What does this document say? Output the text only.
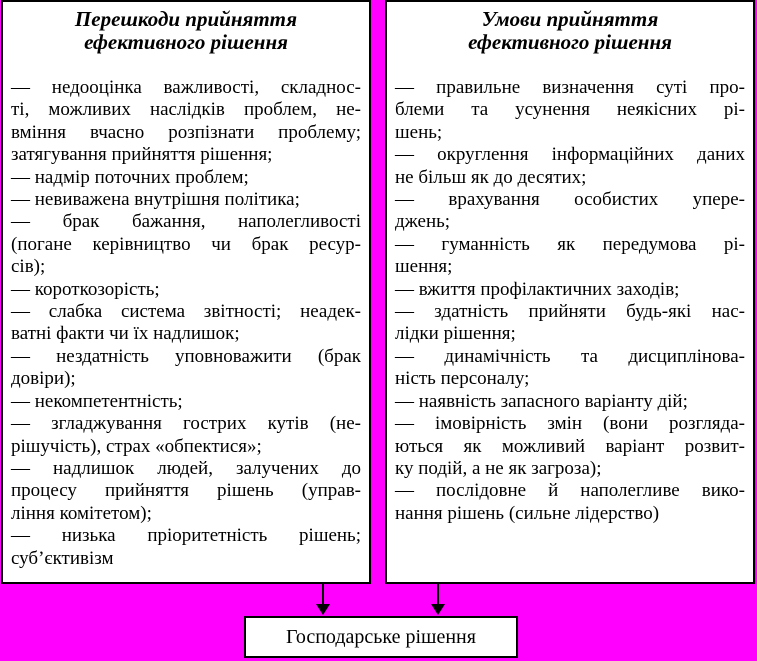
Перешкоди прийняття
ефективного рішення
— недооцінка важливості, складнос-
ті, можливих наслідків проблем, не-
вміння вчасно розпізнати проблему;
затягування прийняття рішення;
— надмір поточних проблем;
— невиважена внутрішня політика;
— брак бажання, наполегливості
(погане керівництво чи брак ресур-
сів);
— короткозорість;
— слабка система звітності; неадек-
ватні факти чи їх надлишок;
— нездатність уповноважити (брак
довіри);
— некомпетентність;
— згладжування гострих кутів (не-
рішучість), страх «обпектися»;
— надлишок людей, залучених до
процесу прийняття рішень (управ-
ління комітетом);
— низька пріоритетність рішень;
суб’єктивізм
Умови прийняття
ефективного рішення
— правильне визначення суті про-
блеми та усунення неякісних рі-
шень;
— округлення інформаційних даних
не більш як до десятих;
— врахування особистих упере-
джень;
— гуманність як передумова рі-
шення;
— вжиття профілактичних заходів;
— здатність прийняти будь-які нас-
лідки рішення;
— динамічність та дисциплінова-
ність персоналу;
— наявність запасного варіанту дій;
— імовірність змін (вони розгляда-
ються як можливий варіант розвит-
ку подій, а не як загроза);
— послідовне й наполегливе вико-
нання рішень (сильне лідерство)
Господарське рішення
